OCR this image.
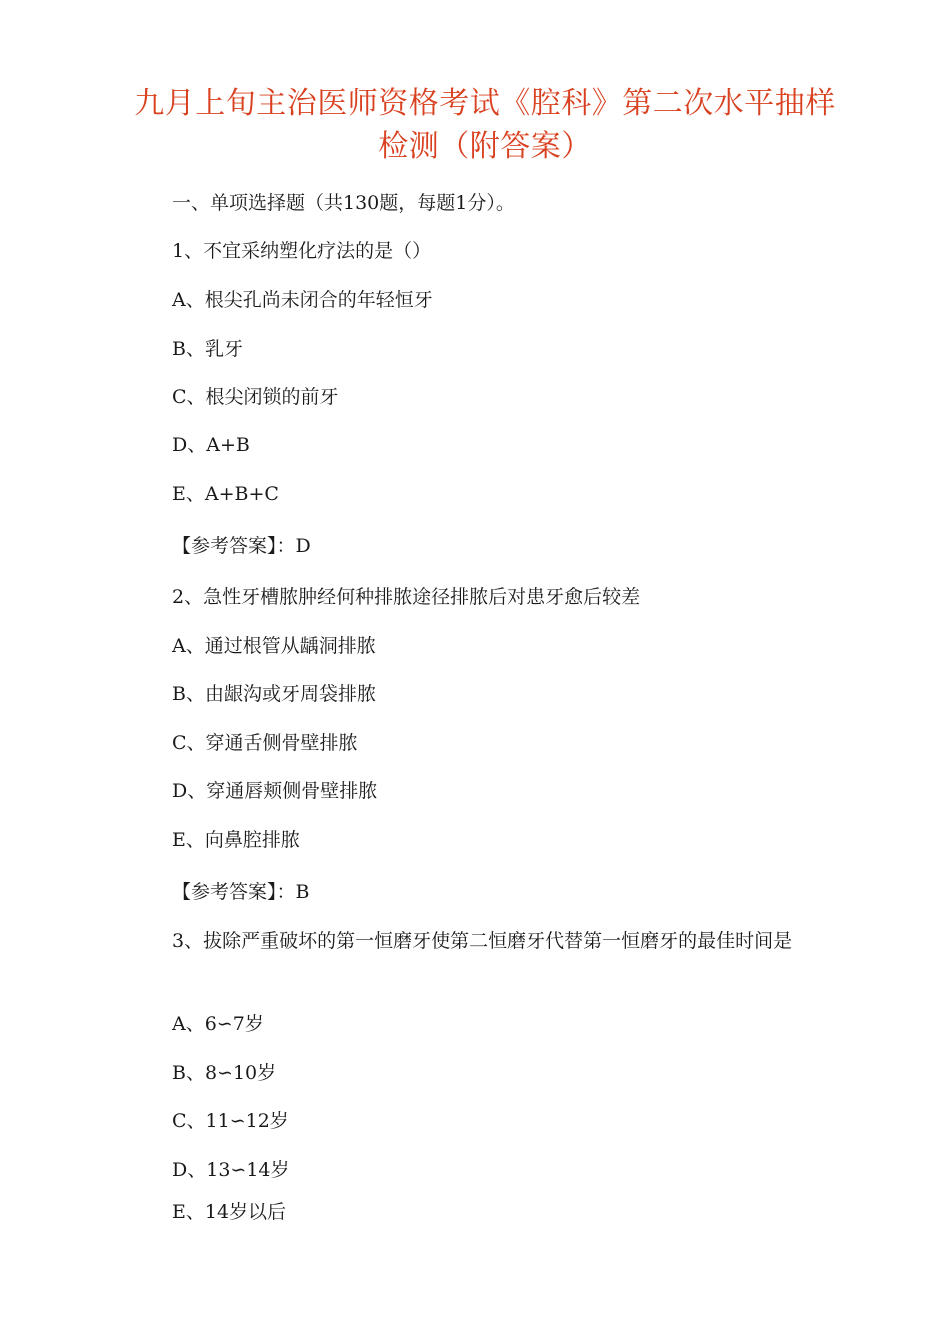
九月上旬主治医师资格考试《腔科》第二次水平抽样检测（附答案）

一、单项选择题（共130题，每题1分）。

1、不宜采纳塑化疗法的是（）

A、根尖孔尚未闭合的年轻恒牙

B、乳牙

C、根尖闭锁的前牙

D、A+B

E、A+B+C

【参考答案】：D

2、急性牙槽脓肿经何种排脓途径排脓后对患牙愈后较差

A、通过根管从龋洞排脓

B、由龈沟或牙周袋排脓

C、穿通舌侧骨壁排脓

D、穿通唇颊侧骨壁排脓

E、向鼻腔排脓

【参考答案】：B

3、拔除严重破坏的第一恒磨牙使第二恒磨牙代替第一恒磨牙的最佳时间是

A、6∽7岁

B、8∽10岁

C、11∽12岁

D、13∽14岁

E、14岁以后
